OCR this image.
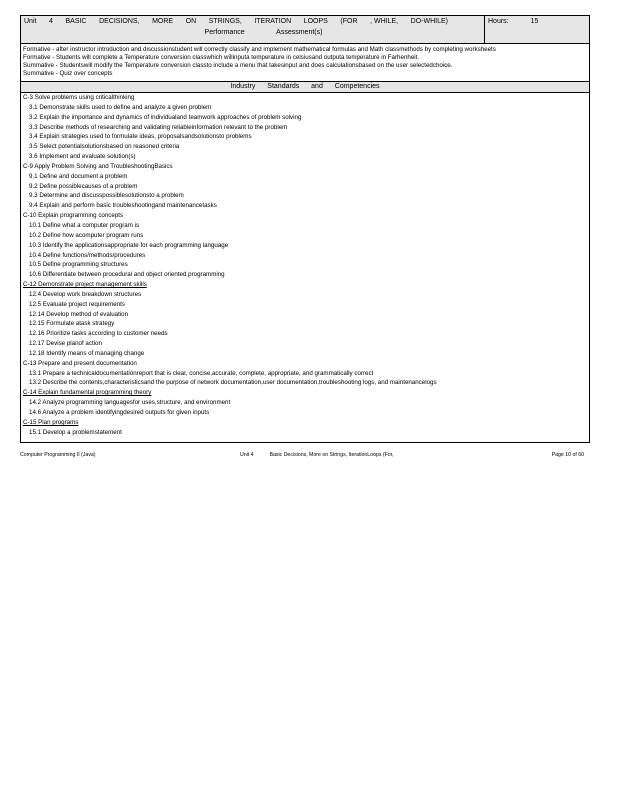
Unit 4 BASIC DECISIONS, MORE ON STRINGS, ITERATION LOOPS (FOR , WHILE, DO-WHILE)
Performance Assessment(s)
Hours:	15
Formative - after instructor introduction and discussionstudent will correctly classify and implement mathematical formulas and Math classmethods by completing worksheets
Formative - Students will complete a Temperature conversion classwhich willinputa temperature in celsiusand outputa temperature in Farhenheit.
Summative - Studentswill modify the Temperature conversion classto include a menu that takesinput and does calculationsbased on the user selectedchoice.
Summative - Quiz over concepts
Industry Standards and Competencies
C-3 Solve problems using criticalthinking
3.1 Demonstrate skills used to define and analyze a given problem
3.2 Explain the importance and dynamics of individualand teamwork approaches of problem solving
3.3 Describe methods of researching and validating reliableinformation relevant to the problem
3.4 Explain strategies used to formulate ideas, proposalsandsolutionsto problems
3.5 Select potentialsolutionsbased on reasoned criteria
3.6 Implement and evaluate solution(s)
C-9 Apply Problem Solving and TroubleshootingBasics
9.1 Define and document a problem
9.2 Define possiblecauses of a problem
9.3 Determine and discusspossiblesolutionsto a problem
9.4 Explain and perform basic troubleshootingand maintenancetasks
C-10 Explain programming concepts
10.1 Define what a computer program is
10.2 Define how acomputer program runs
10.3 Identify the applicationsappropriate for each programming language
10.4 Define functions/methods/procedures
10.5 Define programming structures
10.6 Differentiate between procedural and object oriented programming
C-12 Demonstrate project management skills
12.4 Develop work breakdown structures
12.5 Evaluate project requirements
12.14 Develop method of evaluation
12.15 Formulate atask strategy
12.16 Prioritize tasks according to customer needs
12.17 Devise planof action
12.18 Identify means of managing change
C-13 Prepare and present documentation
13.1 Prepare a technicaldocumentationreport that is clear, concise,accurate, complete, appropriate, and grammatically correct
13.2 Describe the contents,characteristicsand the purpose of network documentation,user documentation,troubleshooting logs, and maintenancelogs
C-14 Explain fundamental programming theory
14.2 Analyze programming languagesfor uses,structure, and environment
14.6 Analyze a problem identifyingdesired outputs for given inputs
C-15 Plan programs
15.1 Develop a problemstatement
Computer Programming II (Java)	Unit 4	Basic Decisions, More on Strings, IterationLoops (For,	Page 10 of 60
